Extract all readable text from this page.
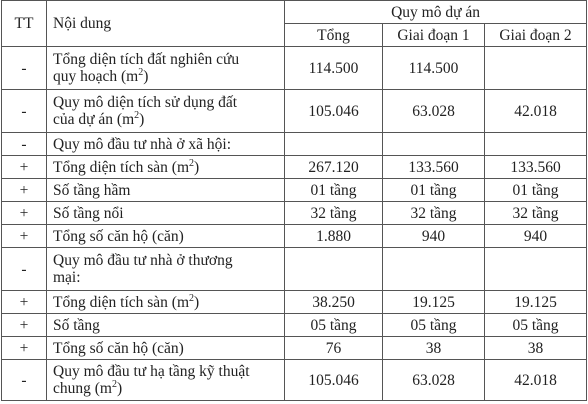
TT	Nội dung	Quy mô dự án		
		Tổng	Giai đoạn 1	Giai đoạn 2
-	Tổng diện tích đất nghiên cứu
quy hoạch $(m^2)$	114.500	114.500	
-	Quy mô diện tích sử dụng đất
của dự án $(m^2)$	105.046	63.028	42.018
-	Quy mô đầu tư nhà ở xã hội:			
+	Tổng diện tích sàn $(m^2)$	267.120	133.560	133.560
+	Số tầng hầm	01 tầng	01 tầng	01 tầng
+	Số tầng nổi	32 tầng	32 tầng	32 tầng
+	Tổng số căn hộ (căn)	1.880	940	940
-	Quy mô đầu tư nhà ở thương
mại:			
+	Tổng diện tích sàn $(m^2)$	38.250	19.125	19.125
+	Số tầng	05 tầng	05 tầng	05 tầng
+	Tổng số căn hộ (căn)	76	38	38
-	Quy mô đầu tư hạ tầng kỹ thuật
chung $(m^2)$	105.046	63.028	42.018
